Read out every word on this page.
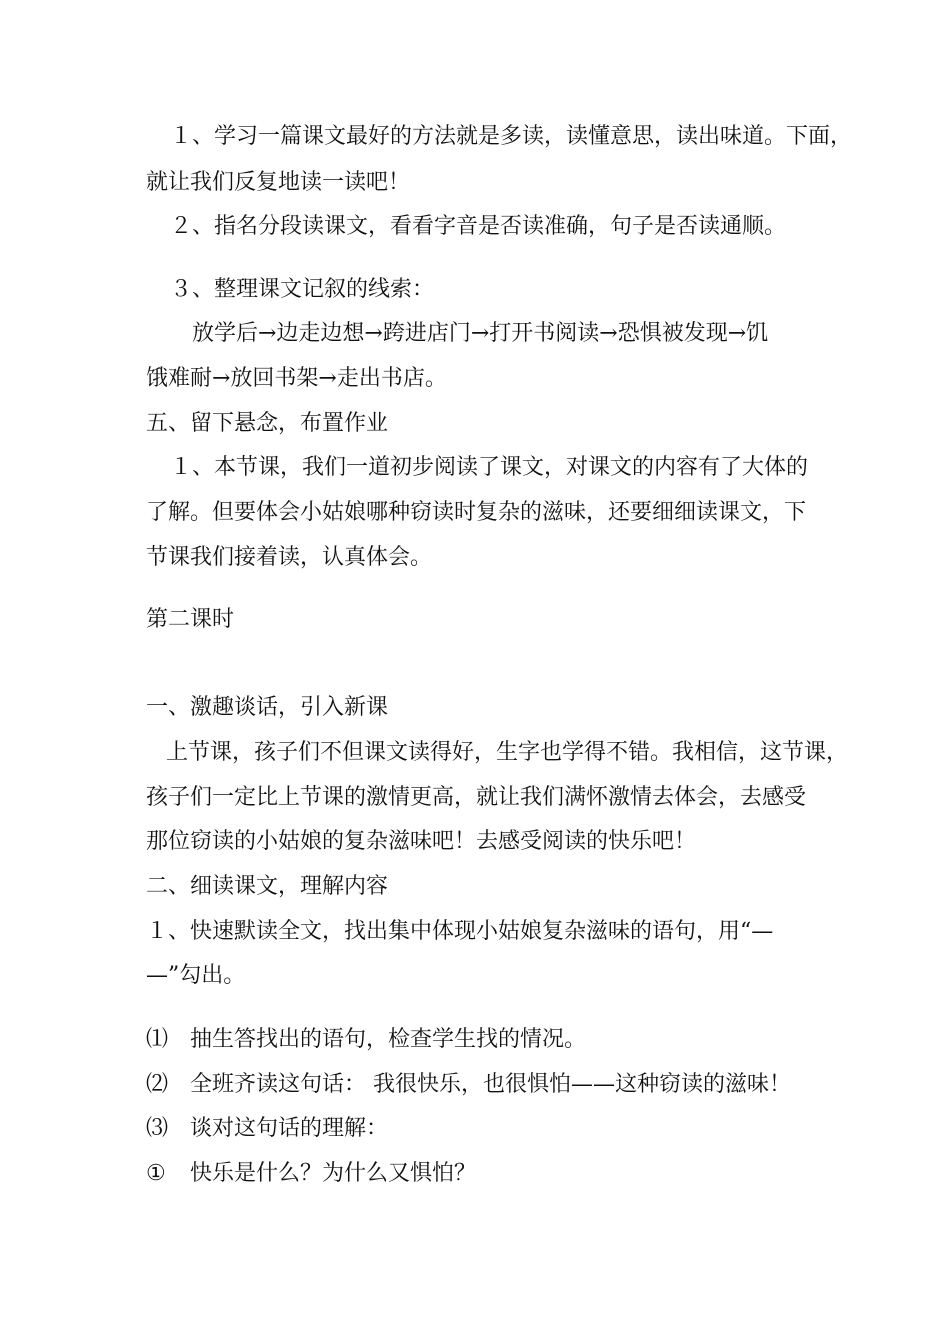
１、学习一篇课文最好的方法就是多读，读懂意思，读出味道。下面，
就让我们反复地读一读吧！
２、指名分段读课文，看看字音是否读准确，句子是否读通顺。
３、整理课文记叙的线索：
放学后→边走边想→跨进店门→打开书阅读→恐惧被发现→饥
饿难耐→放回书架→走出书店。
五、留下悬念，布置作业
１、本节课，我们一道初步阅读了课文，对课文的内容有了大体的
了解。但要体会小姑娘哪种窃读时复杂的滋味，还要细细读课文，下
节课我们接着读，认真体会。
第二课时
一、激趣谈话，引入新课
上节课，孩子们不但课文读得好，生字也学得不错。我相信，这节课，
孩子们一定比上节课的激情更高，就让我们满怀激情去体会，去感受
那位窃读的小姑娘的复杂滋味吧！去感受阅读的快乐吧！
二、细读课文，理解内容
１、快速默读全文，找出集中体现小姑娘复杂滋味的语句，用“—
—”勾出。
⑴ 抽生答找出的语句，检查学生找的情况。
⑵ 全班齐读这句话： 我很快乐，也很惧怕——这种窃读的滋味！
⑶ 谈对这句话的理解：
① 快乐是什么？为什么又惧怕？
